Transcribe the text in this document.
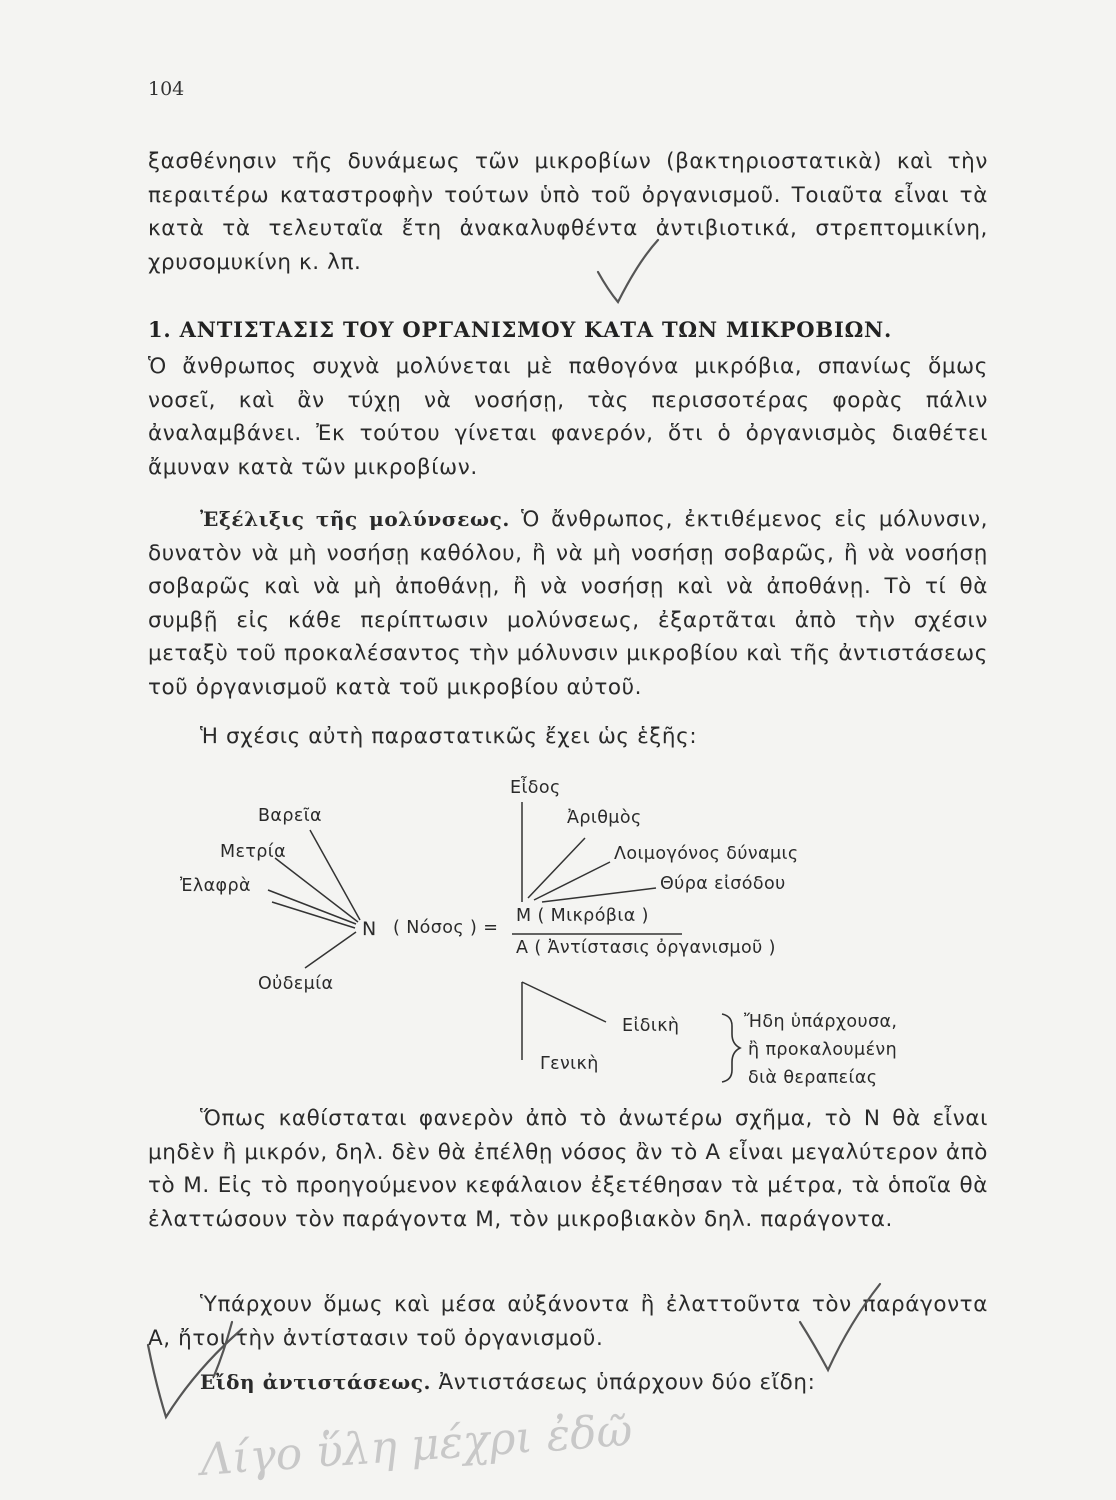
104

ξασθένησιν τῆς δυνάμεως τῶν μικροβίων (βακτηριοστατικὰ) καὶ τὴν περαιτέρω καταστροφὴν τούτων ὑπὸ τοῦ ὀργανισμοῦ. Τοιαῦτα εἶναι τὰ κατὰ τὰ τελευταῖα ἔτη ἀνακαλυφθέντα ἀντιβιοτικά, στρεπτομικίνη, χρυσομυκίνη κ. λπ.

1. ΑΝΤΙΣΤΑΣΙΣ ΤΟΥ ΟΡΓΑΝΙΣΜΟΥ ΚΑΤΑ ΤΩΝ ΜΙΚΡΟΒΙΩΝ.

Ὁ ἄνθρωπος συχνὰ μολύνεται μὲ παθογόνα μικρόβια, σπανίως ὅμως νοσεῖ, καὶ ἂν τύχῃ νὰ νοσήσῃ, τὰς περισσοτέρας φορὰς πάλιν ἀναλαμβάνει. Ἐκ τούτου γίνεται φανερόν, ὅτι ὁ ὀργανισμὸς διαθέτει ἄμυναν κατὰ τῶν μικροβίων.

Ἐξέλιξις τῆς μολύνσεως. Ὁ ἄνθρωπος, ἐκτιθέμενος εἰς μόλυνσιν, δυνατὸν νὰ μὴ νοσήσῃ καθόλου, ἢ νὰ μὴ νοσήσῃ σοβαρῶς, ἢ νὰ νοσήσῃ σοβαρῶς καὶ νὰ μὴ ἀποθάνῃ, ἢ νὰ νοσήσῃ καὶ νὰ ἀποθάνῃ. Τὸ τί θὰ συμβῇ εἰς κάθε περίπτωσιν μολύνσεως, ἐξαρτᾶται ἀπὸ τὴν σχέσιν μεταξὺ τοῦ προκαλέσαντος τὴν μόλυνσιν μικροβίου καὶ τῆς ἀντιστάσεως τοῦ ὀργανισμοῦ κατὰ τοῦ μικροβίου αὐτοῦ.

Ἡ σχέσις αὐτὴ παραστατικῶς ἔχει ὡς ἑξῆς:

Βαρεῖα
Μετρία
Ἐλαφρὰ
Οὐδεμία
Ν ( Νόσος ) =
Εἶδος
Ἀριθμὸς
Λοιμογόνος δύναμις
Θύρα εἰσόδου
Μ ( Μικρόβια )
Α ( Ἀντίστασις ὀργανισμοῦ )
Εἰδικὴ
Γενικὴ
Ἤδη ὑπάρχουσα,
ἢ προκαλουμένη
διὰ θεραπείας

Ὅπως καθίσταται φανερὸν ἀπὸ τὸ ἀνωτέρω σχῆμα, τὸ Ν θὰ εἶναι μηδὲν ἢ μικρόν, δηλ. δὲν θὰ ἐπέλθῃ νόσος ἂν τὸ Α εἶναι μεγαλύτερον ἀπὸ τὸ Μ. Εἰς τὸ προηγούμενον κεφάλαιον ἐξετέθησαν τὰ μέτρα, τὰ ὁποῖα θὰ ἐλαττώσουν τὸν παράγοντα Μ, τὸν μικροβιακὸν δηλ. παράγοντα.

Ὑπάρχουν ὅμως καὶ μέσα αὐξάνοντα ἢ ἐλαττοῦντα τὸν παράγοντα Α, ἤτοι τὴν ἀντίστασιν τοῦ ὀργανισμοῦ.

Εἴδη ἀντιστάσεως. Ἀντιστάσεως ὑπάρχουν δύο εἴδη:

Λίγο ὕλη μέχρι ἐδῶ
